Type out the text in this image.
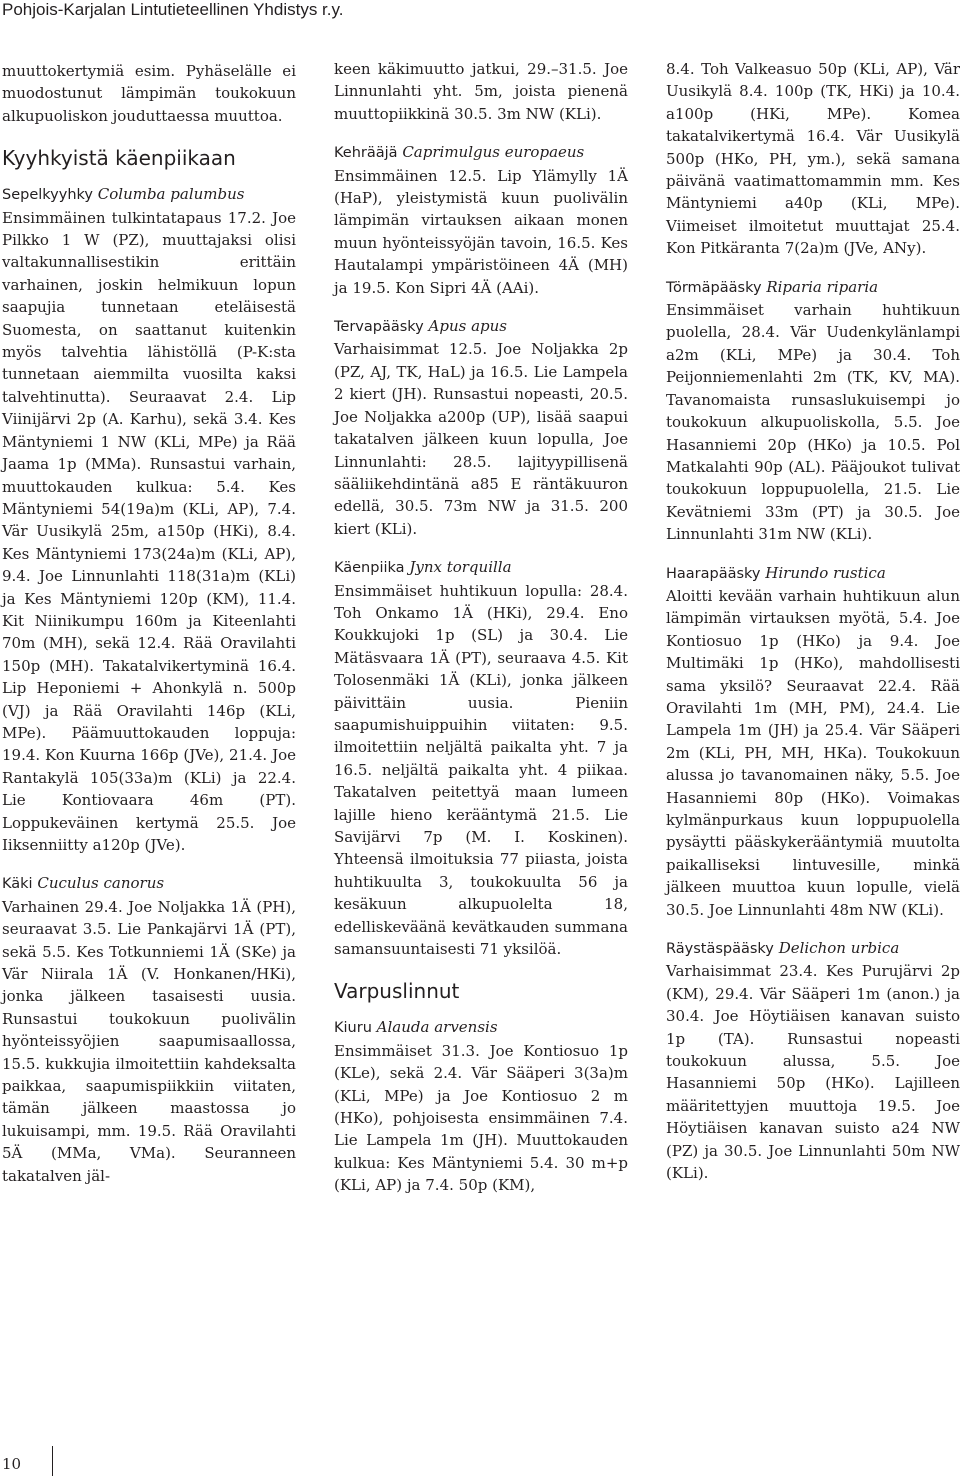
Pohjois-Karjalan Lintutieteellinen Yhdistys r.y.

muuttokertymiä esim. Pyhäselälle ei muodostunut lämpimän toukokuun alkupuoliskon jouduttaessa muuttoa.

Kyyhkyistä käenpiikaan
Sepelkyyhky Columba palumbus

Ensimmäinen tulkintatapaus 17.2. Joe Pilkko 1 W (PZ), muuttajaksi olisi valtakunnallisestikin erittäin varhainen, joskin helmikuun lopun saapujia tunnetaan eteläisestä Suomesta, on saattanut kuitenkin myös talvehtia lähistöllä (P-K:sta tunnetaan aiemmilta vuosilta kaksi talvehtinutta). Seuraavat 2.4. Lip Viinijärvi 2p (A. Karhu), sekä 3.4. Kes Mäntyniemi 1 NW (KLi, MPe) ja Rää Jaama 1p (MMa). Runsastui varhain, muuttokauden kulkua: 5.4. Kes Mäntyniemi 54(19a)m (KLi, AP), 7.4. Vär Uusikylä 25m, a150p (HKi), 8.4. Kes Mäntyniemi 173(24a)m (KLi, AP), 9.4. Joe Linnunlahti 118(31a)m (KLi) ja Kes Mäntyniemi 120p (KM), 11.4. Kit Niinikumpu 160m ja Kiteenlahti 70m (MH), sekä 12.4. Rää Oravilahti 150p (MH). Takatalvikertyminä 16.4. Lip Heponiemi + Ahonkylä n. 500p (VJ) ja Rää Oravilahti 146p (KLi, MPe). Päämuuttokauden loppuja: 19.4. Kon Kuurna 166p (JVe), 21.4. Joe Rantakylä 105(33a)m (KLi) ja 22.4. Lie Kontiovaara 46m (PT). Loppukeväinen kertymä 25.5. Joe Iiksenniitty a120p (JVe).

Käki Cuculus canorus

Varhainen 29.4. Joe Noljakka 1Ä (PH), seuraavat 3.5. Lie Pankajärvi 1Ä (PT), sekä 5.5. Kes Totkunniemi 1Ä (SKe) ja Vär Niirala 1Ä (V. Honkanen/HKi), jonka jälkeen tasaisesti uusia. Runsastui toukokuun puolivälin hyönteissyöjien saapumisaallossa, 15.5. kukkujia ilmoitettiin kahdeksalta paikkaa, saapumispiikkiin viitaten, tämän jälkeen maastossa jo lukuisampi, mm. 19.5. Rää Oravilahti 5Ä (MMa, VMa). Seuranneen takatalven jäl-

keen käkimuutto jatkui, 29.–31.5. Joe Linnunlahti yht. 5m, joista pienenä muuttopiikkinä 30.5. 3m NW (KLi).

Kehrääjä Caprimulgus europaeus

Ensimmäinen 12.5. Lip Ylämylly 1Ä (HaP), yleistymistä kuun puolivälin lämpimän virtauksen aikaan monen muun hyönteissyöjän tavoin, 16.5. Kes Hautalampi ympäristöineen 4Ä (MH) ja 19.5. Kon Sipri 4Ä (AAi).

Tervapääsky Apus apus

Varhaisimmat 12.5. Joe Noljakka 2p (PZ, AJ, TK, HaL) ja 16.5. Lie Lampela 2 kiert (JH). Runsastui nopeasti, 20.5. Joe Noljakka a200p (UP), lisää saapui takatalven jälkeen kuun lopulla, Joe Linnunlahti: 28.5. lajityypillisenä sääliikehdintänä a85 E räntäkuuron edellä, 30.5. 73m NW ja 31.5. 200 kiert (KLi).

Käenpiika Jynx torquilla

Ensimmäiset huhtikuun lopulla: 28.4. Toh Onkamo 1Ä (HKi), 29.4. Eno Koukkujoki 1p (SL) ja 30.4. Lie Mätäsvaara 1Ä (PT), seuraava 4.5. Kit Tolosenmäki 1Ä (KLi), jonka jälkeen päivittäin uusia. Pieniin saapumishuippuihin viitaten: 9.5. ilmoitettiin neljältä paikalta yht. 7 ja 16.5. neljältä paikalta yht. 4 piikaa. Takatalven peitettyä maan lumeen lajille hieno kerääntymä 21.5. Lie Savijärvi 7p (M. I. Koskinen). Yhteensä ilmoituksia 77 piiasta, joista huhtikuulta 3, toukokuulta 56 ja kesäkuun alkupuolelta 18, edelliskeväänä kevätkauden summana samansuuntaisesti 71 yksilöä.

Varpuslinnut
Kiuru Alauda arvensis

Ensimmäiset 31.3. Joe Kontiosuo 1p (KLe), sekä 2.4. Vär Sääperi 3(3a)m (KLi, MPe) ja Joe Kontiosuo 2 m (HKo), pohjoisesta ensimmäinen 7.4. Lie Lampela 1m (JH). Muuttokauden kulkua: Kes Mäntyniemi 5.4. 30 m+p (KLi, AP) ja 7.4. 50p (KM),

8.4. Toh Valkeasuo 50p (KLi, AP), Vär Uusikylä 8.4. 100p (TK, HKi) ja 10.4. a100p (HKi, MPe). Komea takatalvikertymä 16.4. Vär Uusikylä 500p (HKo, PH, ym.), sekä samana päivänä vaatimattomammin mm. Kes Mäntyniemi a40p (KLi, MPe). Viimeiset ilmoitetut muuttajat 25.4. Kon Pitkäranta 7(2a)m (JVe, ANy).

Törmäpääsky Riparia riparia

Ensimmäiset varhain huhtikuun puolella, 28.4. Vär Uudenkylänlampi a2m (KLi, MPe) ja 30.4. Toh Peijonniemenlahti 2m (TK, KV, MA). Tavanomaista runsaslukuisempi jo toukokuun alkupuoliskolla, 5.5. Joe Hasanniemi 20p (HKo) ja 10.5. Pol Matkalahti 90p (AL). Pääjoukot tulivat toukokuun loppupuolella, 21.5. Lie Kevätniemi 33m (PT) ja 30.5. Joe Linnunlahti 31m NW (KLi).

Haarapääsky Hirundo rustica

Aloitti kevään varhain huhtikuun alun lämpimän virtauksen myötä, 5.4. Joe Kontiosuo 1p (HKo) ja 9.4. Joe Multimäki 1p (HKo), mahdollisesti sama yksilö? Seuraavat 22.4. Rää Oravilahti 1m (MH, PM), 24.4. Lie Lampela 1m (JH) ja 25.4. Vär Sääperi 2m (KLi, PH, MH, HKa). Toukokuun alussa jo tavanomainen näky, 5.5. Joe Hasanniemi 80p (HKo). Voimakas kylmänpurkaus kuun loppupuolella pysäytti pääskykerääntymiä muutolta paikalliseksi lintuvesille, minkä jälkeen muuttoa kuun lopulle, vielä 30.5. Joe Linnunlahti 48m NW (KLi).

Räystäspääsky Delichon urbica

Varhaisimmat 23.4. Kes Purujärvi 2p (KM), 29.4. Vär Sääperi 1m (anon.) ja 30.4. Joe Höytiäisen kanavan suisto 1p (TA). Runsastui nopeasti toukokuun alussa, 5.5. Joe Hasanniemi 50p (HKo). Lajilleen määritettyjen muuttoja 19.5. Joe Höytiäisen kanavan suisto a24 NW (PZ) ja 30.5. Joe Linnunlahti 50m NW (KLi).

10
